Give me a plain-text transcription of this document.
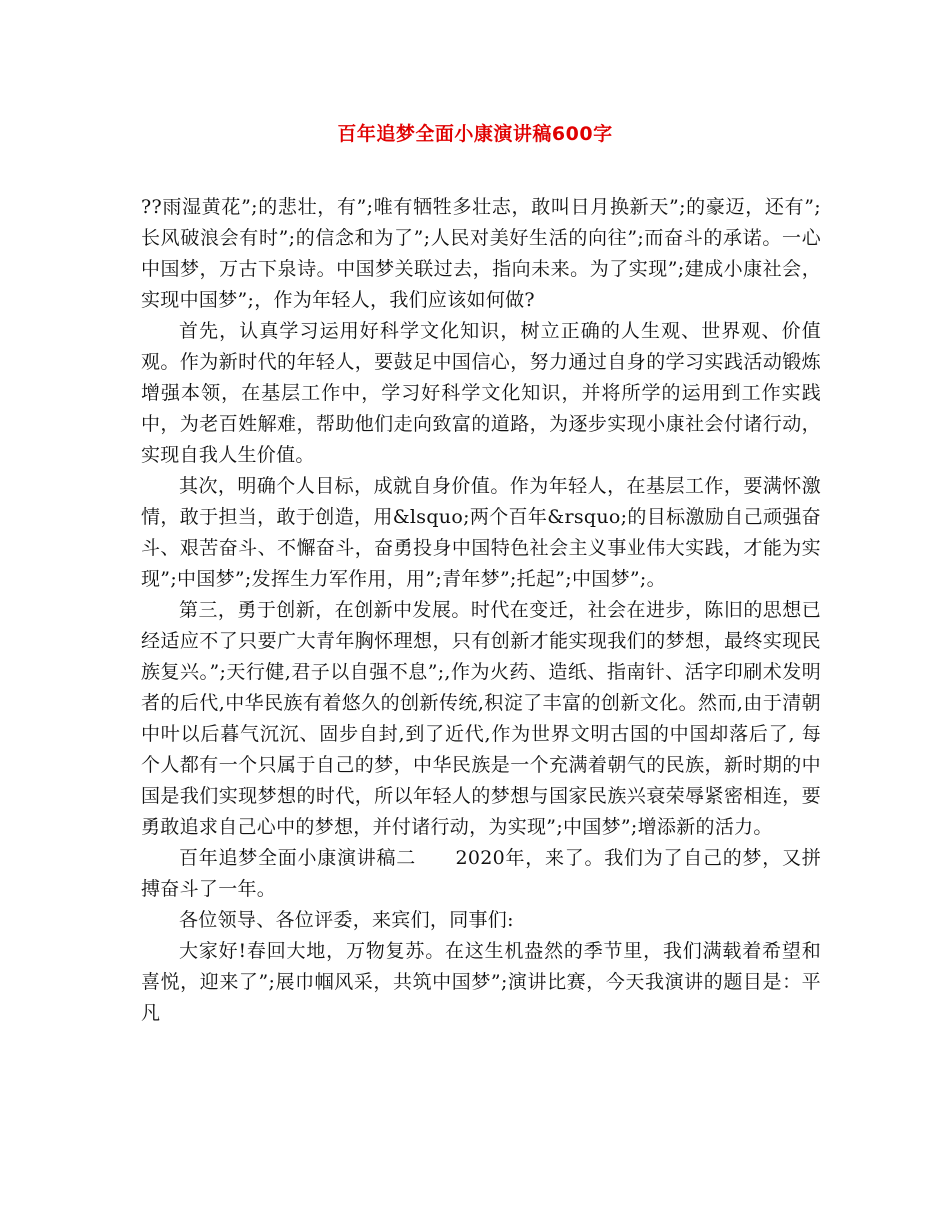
百年追梦全面小康演讲稿600字

??雨湿黄花”;的悲壮，有”;唯有牺牲多壮志，敢叫日月换新天”;的豪迈，还有”;长风破浪会有时”;的信念和为了”;人民对美好生活的向往”;而奋斗的承诺。一心中国梦，万古下泉诗。中国梦关联过去，指向未来。为了实现”;建成小康社会，实现中国梦”;，作为年轻人，我们应该如何做?

首先，认真学习运用好科学文化知识，树立正确的人生观、世界观、价值观。作为新时代的年轻人，要鼓足中国信心，努力通过自身的学习实践活动锻炼增强本领，在基层工作中，学习好科学文化知识，并将所学的运用到工作实践中，为老百姓解难，帮助他们走向致富的道路，为逐步实现小康社会付诸行动，实现自我人生价值。

其次，明确个人目标，成就自身价值。作为年轻人，在基层工作，要满怀激情，敢于担当，敢于创造，用&lsquo;两个百年&rsquo;的目标激励自己顽强奋斗、艰苦奋斗、不懈奋斗，奋勇投身中国特色社会主义事业伟大实践，才能为实现”;中国梦”;发挥生力军作用，用”;青年梦”;托起”;中国梦”;。

第三，勇于创新，在创新中发展。时代在变迁，社会在进步，陈旧的思想已经适应不了只要广大青年胸怀理想，只有创新才能实现我们的梦想，最终实现民族复兴。”;天行健,君子以自强不息”;,作为火药、造纸、指南针、活字印刷术发明者的后代,中华民族有着悠久的创新传统,积淀了丰富的创新文化。然而,由于清朝中叶以后暮气沉沉、固步自封,到了近代,作为世界文明古国的中国却落后了, 每个人都有一个只属于自己的梦，中华民族是一个充满着朝气的民族，新时期的中国是我们实现梦想的时代，所以年轻人的梦想与国家民族兴衰荣辱紧密相连，要勇敢追求自己心中的梦想，并付诸行动，为实现”;中国梦”;增添新的活力。

百年追梦全面小康演讲稿二　　2020年，来了。我们为了自己的梦，又拼搏奋斗了一年。

各位领导、各位评委，来宾们，同事们:

大家好!春回大地，万物复苏。在这生机盎然的季节里，我们满载着希望和喜悦，迎来了”;展巾帼风采，共筑中国梦”;演讲比赛，今天我演讲的题目是：平凡
